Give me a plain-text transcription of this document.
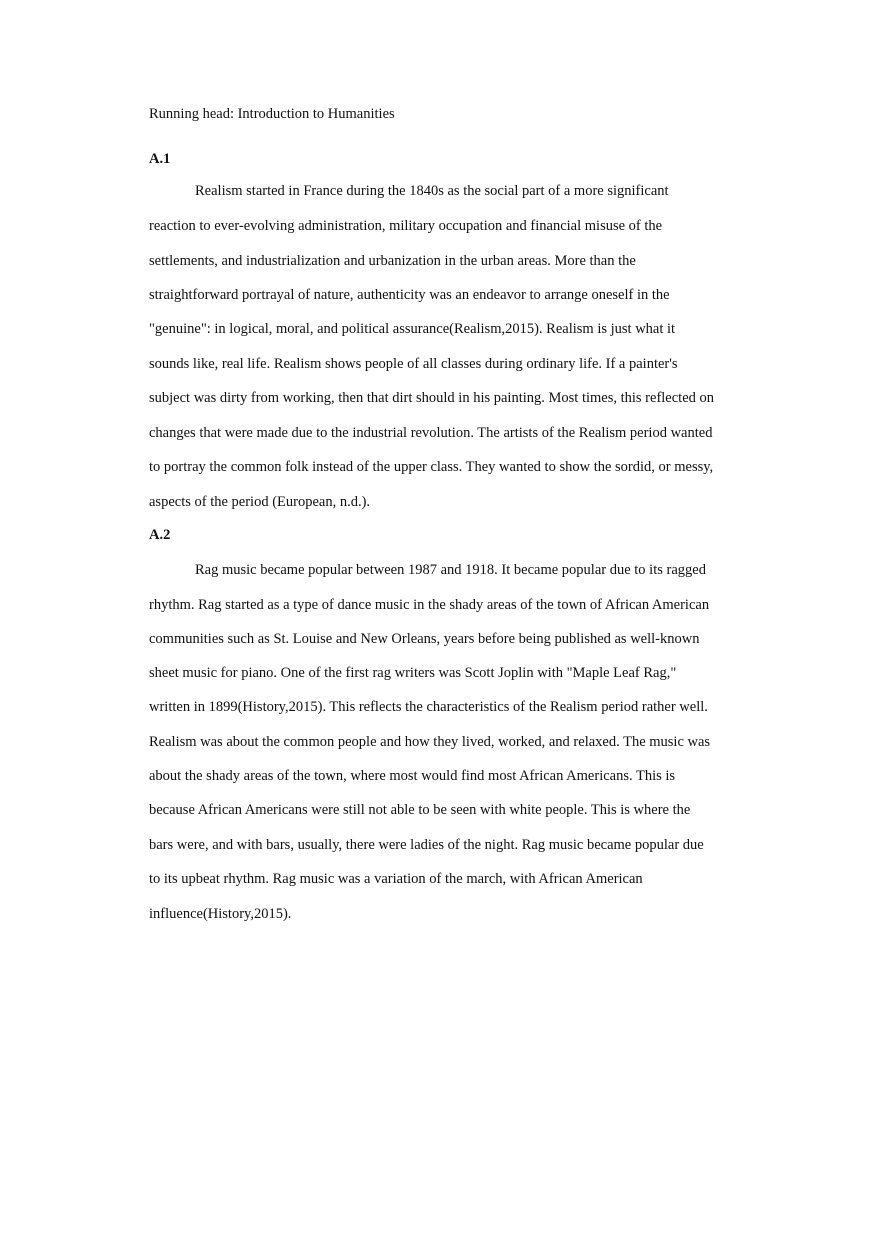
Running head: Introduction to Humanities
A.1
Realism started in France during the 1840s as the social part of a more significant
reaction to ever-evolving administration, military occupation and financial misuse of the
settlements, and industrialization and urbanization in the urban areas. More than the
straightforward portrayal of nature, authenticity was an endeavor to arrange oneself in the
"genuine": in logical, moral, and political assurance(Realism,2015). Realism is just what it
sounds like, real life. Realism shows people of all classes during ordinary life. If a painter's
subject was dirty from working, then that dirt should in his painting. Most times, this reflected on
changes that were made due to the industrial revolution. The artists of the Realism period wanted
to portray the common folk instead of the upper class. They wanted to show the sordid, or messy,
aspects of the period (European, n.d.).
A.2
Rag music became popular between 1987 and 1918. It became popular due to its ragged
rhythm. Rag started as a type of dance music in the shady areas of the town of African American
communities such as St. Louise and New Orleans, years before being published as well-known
sheet music for piano. One of the first rag writers was Scott Joplin with "Maple Leaf Rag,"
written in 1899(History,2015). This reflects the characteristics of the Realism period rather well.
Realism was about the common people and how they lived, worked, and relaxed. The music was
about the shady areas of the town, where most would find most African Americans. This is
because African Americans were still not able to be seen with white people. This is where the
bars were, and with bars, usually, there were ladies of the night. Rag music became popular due
to its upbeat rhythm. Rag music was a variation of the march, with African American
influence(History,2015).
